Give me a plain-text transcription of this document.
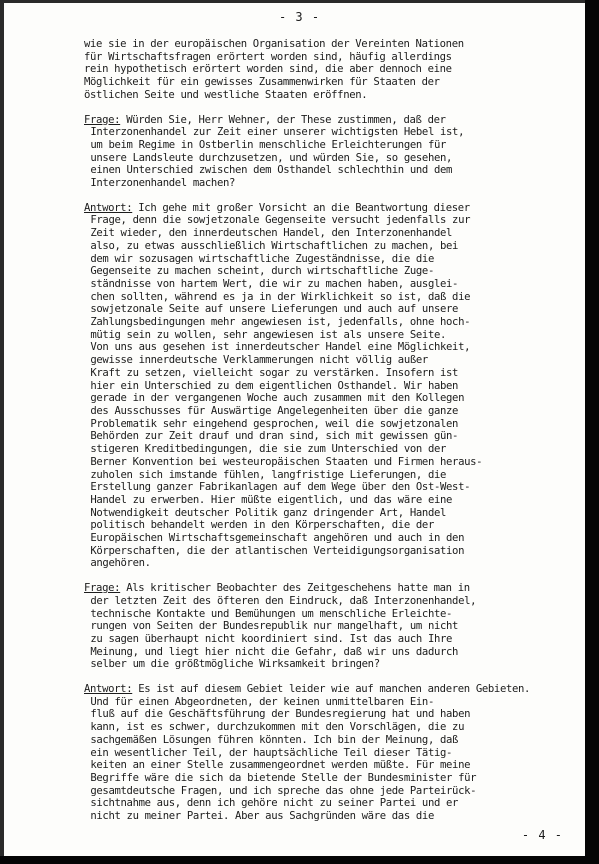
- 3 -
wie sie in der europäischen Organisation der Vereinten Nationen
für Wirtschaftsfragen erörtert worden sind, häufig allerdings
rein hypothetisch erörtert worden sind, die aber dennoch eine
Möglichkeit für ein gewisses Zusammenwirken für Staaten der
östlichen Seite und westliche Staaten eröffnen.
Frage: Würden Sie, Herr Wehner, der These zustimmen, daß der
Interzonenhandel zur Zeit einer unserer wichtigsten Hebel ist,
um beim Regime in Ostberlin menschliche Erleichterungen für
unsere Landsleute durchzusetzen, und würden Sie, so gesehen,
einen Unterschied zwischen dem Osthandel schlechthin und dem
Interzonenhandel machen?
Antwort: Ich gehe mit großer Vorsicht an die Beantwortung dieser
Frage, denn die sowjetzonale Gegenseite versucht jedenfalls zur
Zeit wieder, den innerdeutschen Handel, den Interzonenhandel
also, zu etwas ausschließlich Wirtschaftlichen zu machen, bei
dem wir sozusagen wirtschaftliche Zugeständnisse, die die
Gegenseite zu machen scheint, durch wirtschaftliche Zuge-
ständnisse von hartem Wert, die wir zu machen haben, ausglei-
chen sollten, während es ja in der Wirklichkeit so ist, daß die
sowjetzonale Seite auf unsere Lieferungen und auch auf unsere
Zahlungsbedingungen mehr angewiesen ist, jedenfalls, ohne hoch-
mütig sein zu wollen, sehr angewiesen ist als unsere Seite.
Von uns aus gesehen ist innerdeutscher Handel eine Möglichkeit,
gewisse innerdeutsche Verklammerungen nicht völlig außer
Kraft zu setzen, vielleicht sogar zu verstärken. Insofern ist
hier ein Unterschied zu dem eigentlichen Osthandel. Wir haben
gerade in der vergangenen Woche auch zusammen mit den Kollegen
des Ausschusses für Auswärtige Angelegenheiten über die ganze
Problematik sehr eingehend gesprochen, weil die sowjetzonalen
Behörden zur Zeit drauf und dran sind, sich mit gewissen gün-
stigeren Kreditbedingungen, die sie zum Unterschied von der
Berner Konvention bei westeuropäischen Staaten und Firmen heraus-
zuholen sich imstande fühlen, langfristige Lieferungen, die
Erstellung ganzer Fabrikanlagen auf dem Wege über den Ost-West-
Handel zu erwerben. Hier müßte eigentlich, und das wäre eine
Notwendigkeit deutscher Politik ganz dringender Art, Handel
politisch behandelt werden in den Körperschaften, die der
Europäischen Wirtschaftsgemeinschaft angehören und auch in den
Körperschaften, die der atlantischen Verteidigungsorganisation
angehören.
Frage: Als kritischer Beobachter des Zeitgeschehens hatte man in
der letzten Zeit des öfteren den Eindruck, daß Interzonenhandel,
technische Kontakte und Bemühungen um menschliche Erleichte-
rungen von Seiten der Bundesrepublik nur mangelhaft, um nicht
zu sagen überhaupt nicht koordiniert sind. Ist das auch Ihre
Meinung, und liegt hier nicht die Gefahr, daß wir uns dadurch
selber um die größtmögliche Wirksamkeit bringen?
Antwort: Es ist auf diesem Gebiet leider wie auf manchen anderen Gebieten.
Und für einen Abgeordneten, der keinen unmittelbaren Ein-
fluß auf die Geschäftsführung der Bundesregierung hat und haben
kann, ist es schwer, durchzukommen mit den Vorschlägen, die zu
sachgemäßen Lösungen führen könnten. Ich bin der Meinung, daß
ein wesentlicher Teil, der hauptsächliche Teil dieser Tätig-
keiten an einer Stelle zusammengeordnet werden müßte. Für meine
Begriffe wäre die sich da bietende Stelle der Bundesminister für
gesamtdeutsche Fragen, und ich spreche das ohne jede Parteirück-
sichtnahme aus, denn ich gehöre nicht zu seiner Partei und er
nicht zu meiner Partei. Aber aus Sachgründen wäre das die
- 4 -
